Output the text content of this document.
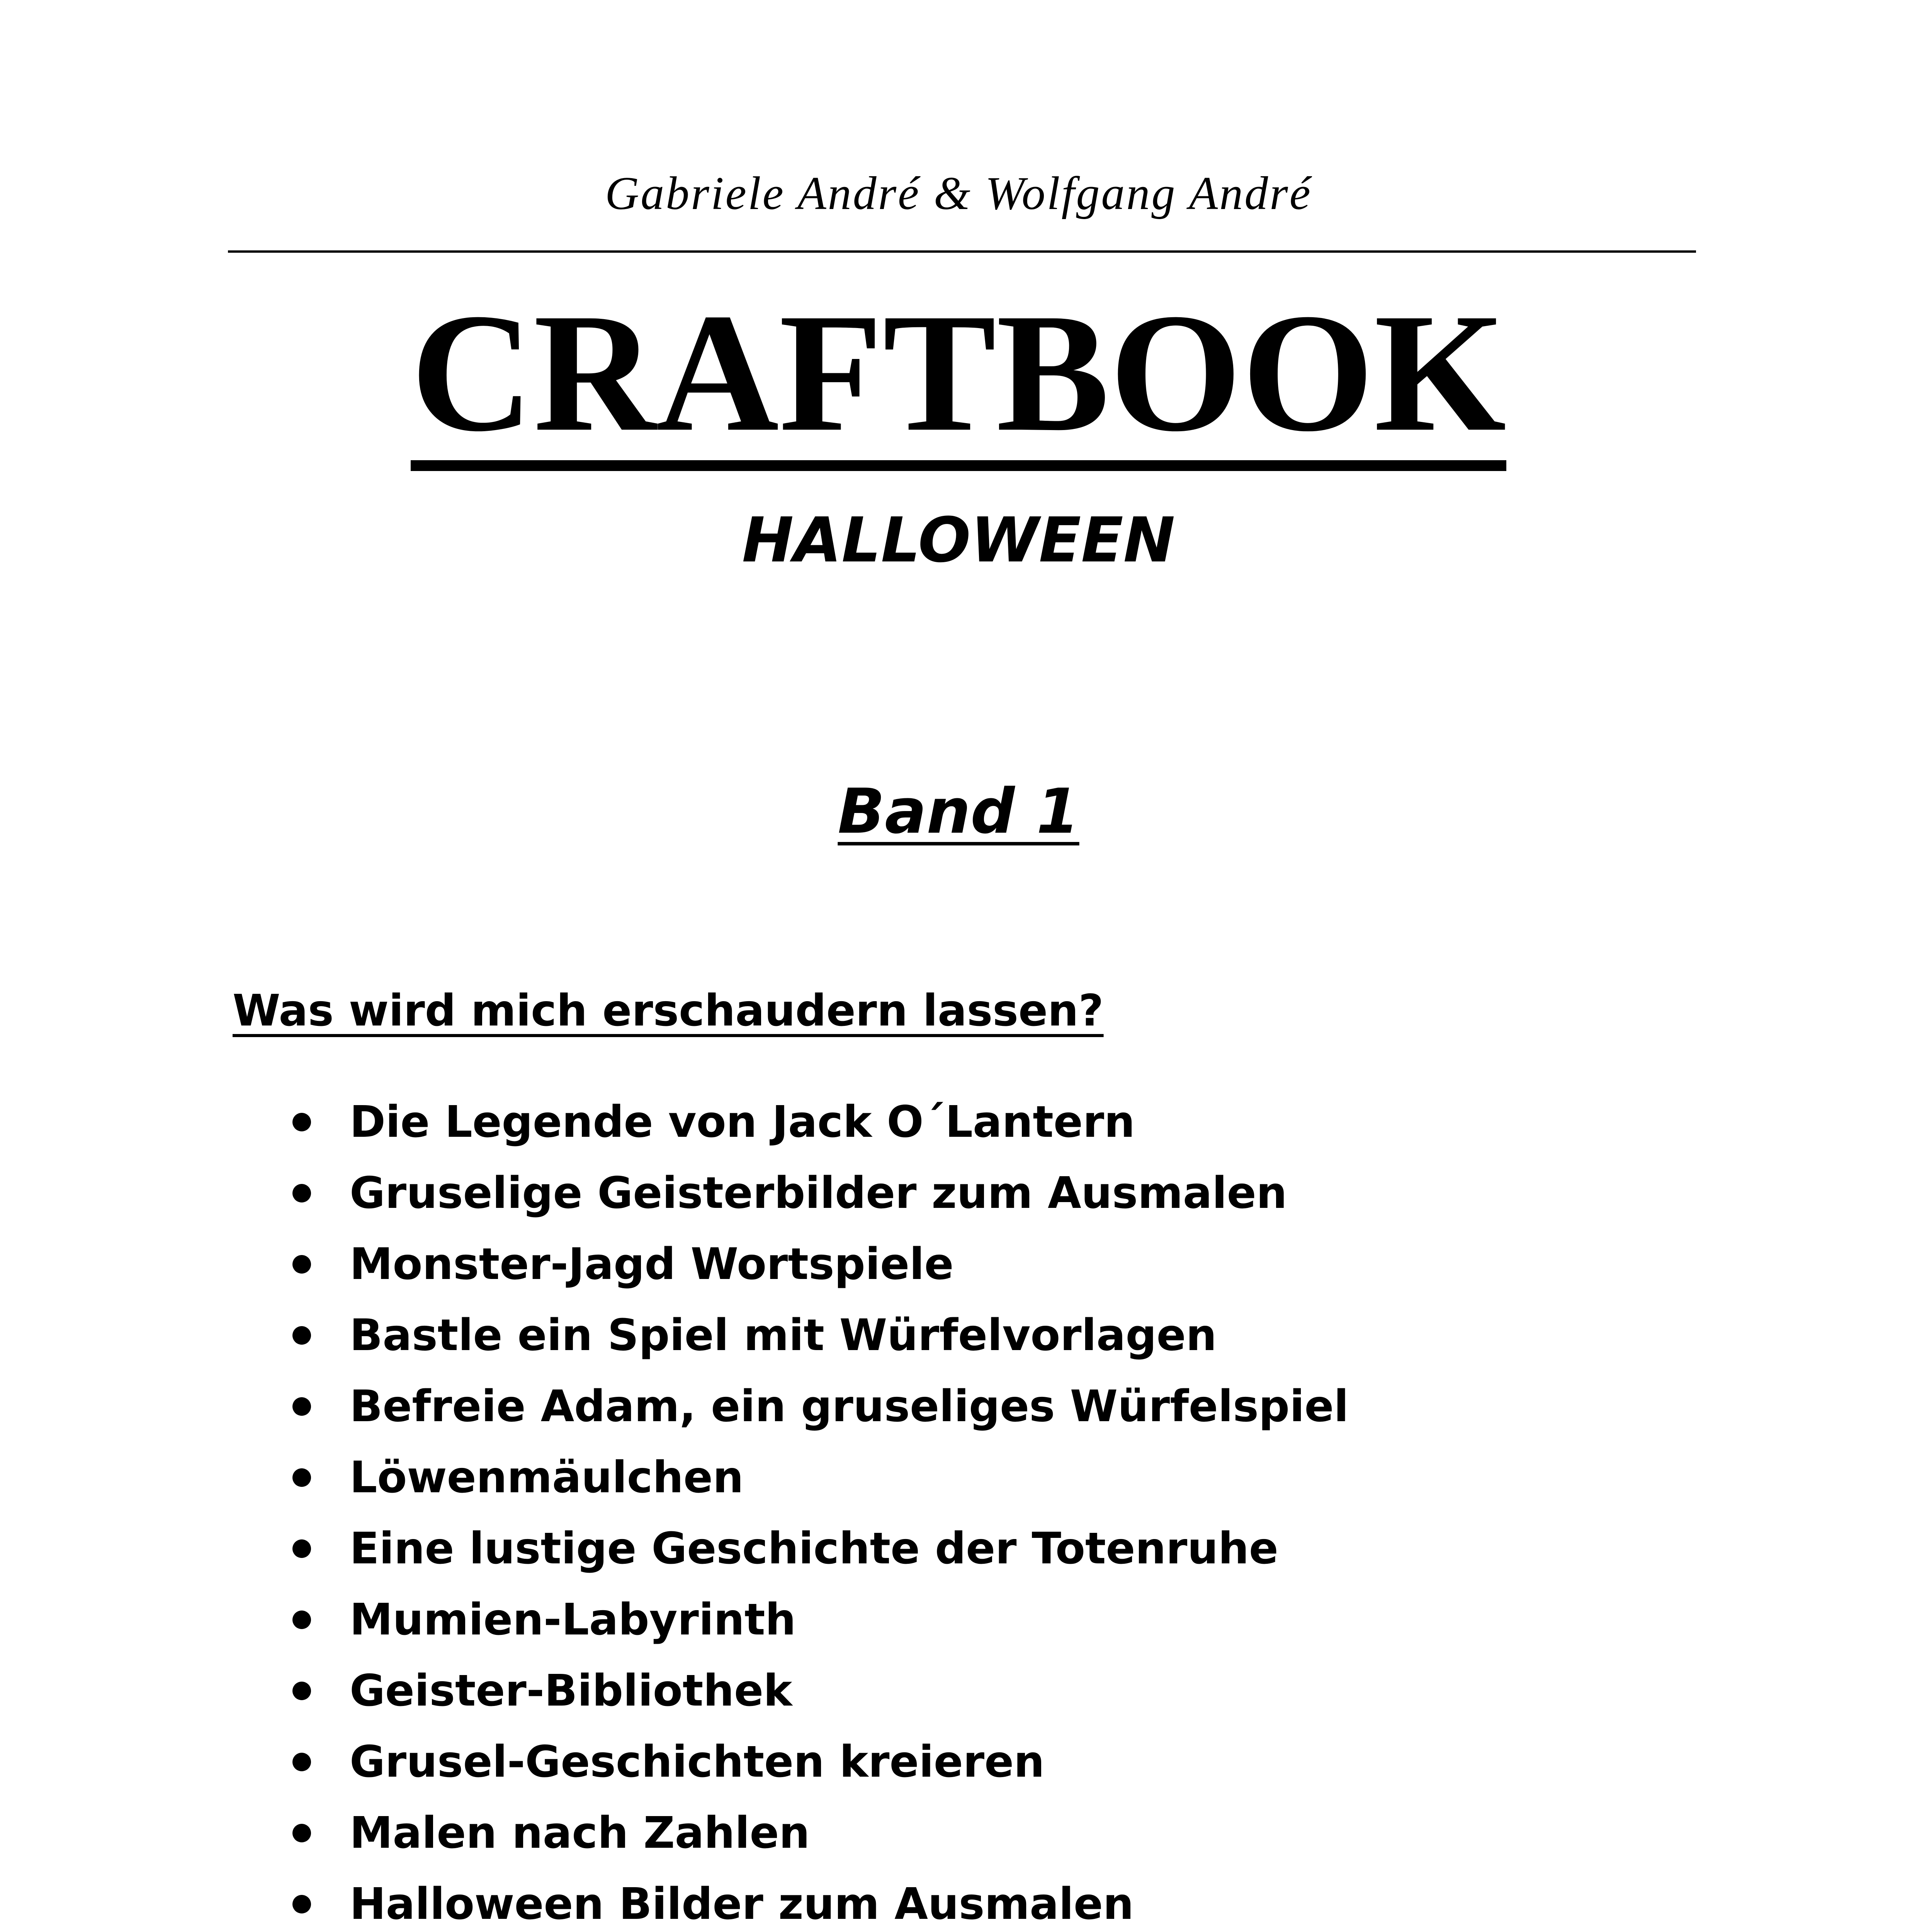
Gabriele André & Wolfgang André
CRAFTBOOK
HALLOWEEN
Band 1
Was wird mich erschaudern lassen?
Die Legende von Jack O´Lantern
Gruselige Geisterbilder zum Ausmalen
Monster-Jagd Wortspiele
Bastle ein Spiel mit Würfelvorlagen
Befreie Adam, ein gruseliges Würfelspiel
Löwenmäulchen
Eine lustige Geschichte der Totenruhe
Mumien-Labyrinth
Geister-Bibliothek
Grusel-Geschichten kreieren
Malen nach Zahlen
Halloween Bilder zum Ausmalen
